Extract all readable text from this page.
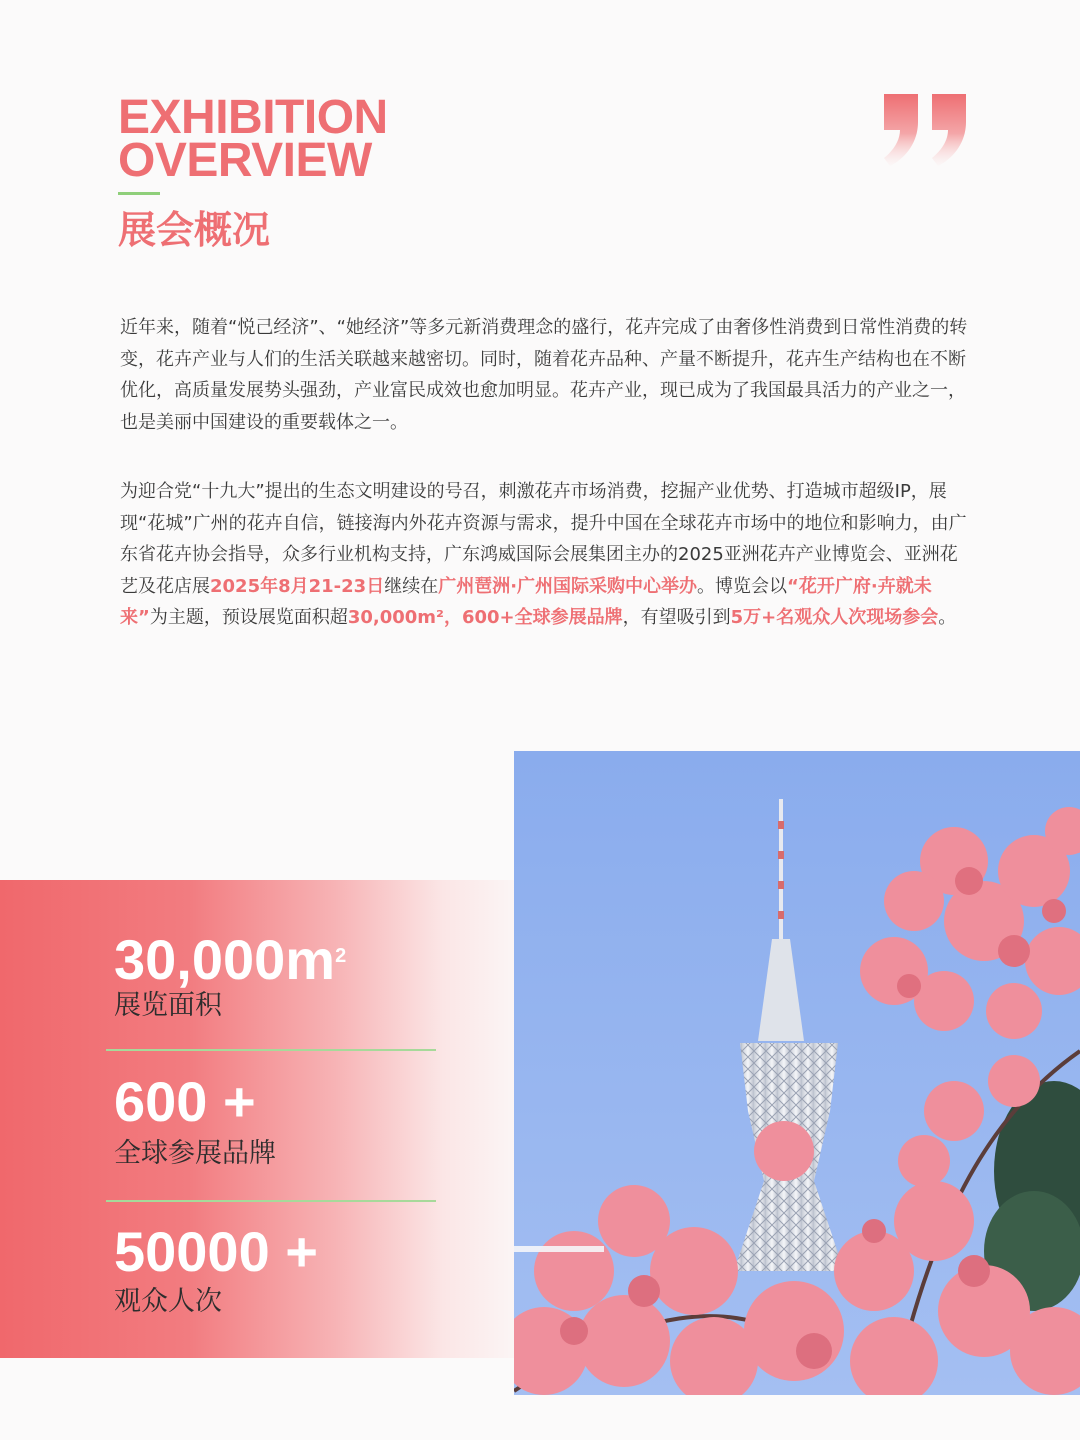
EXHIBITION
OVERVIEW
展会概况

近年来，随着“悦己经济”、“她经济”等多元新消费理念的盛行，花卉完成了由奢侈性消费到日常性消费的转变，花卉产业与人们的生活关联越来越密切。同时，随着花卉品种、产量不断提升，花卉生产结构也在不断优化，高质量发展势头强劲，产业富民成效也愈加明显。花卉产业，现已成为了我国最具活力的产业之一，也是美丽中国建设的重要载体之一。

为迎合党“十九大”提出的生态文明建设的号召，刺激花卉市场消费，挖掘产业优势、打造城市超级IP，展现“花城”广州的花卉自信，链接海内外花卉资源与需求，提升中国在全球花卉市场中的地位和影响力，由广东省花卉协会指导，众多行业机构支持，广东鸿威国际会展集团主办的2025亚洲花卉产业博览会、亚洲花艺及花店展2025年8月21-23日继续在广州琶洲·广州国际采购中心举办。博览会以“花开广府·卉就未来”为主题，预设展览面积超30,000m²，600+全球参展品牌，有望吸引到5万+名观众人次现场参会。

$30,000m^2$

展览面积

600 +

全球参展品牌

50000 +

观众人次
